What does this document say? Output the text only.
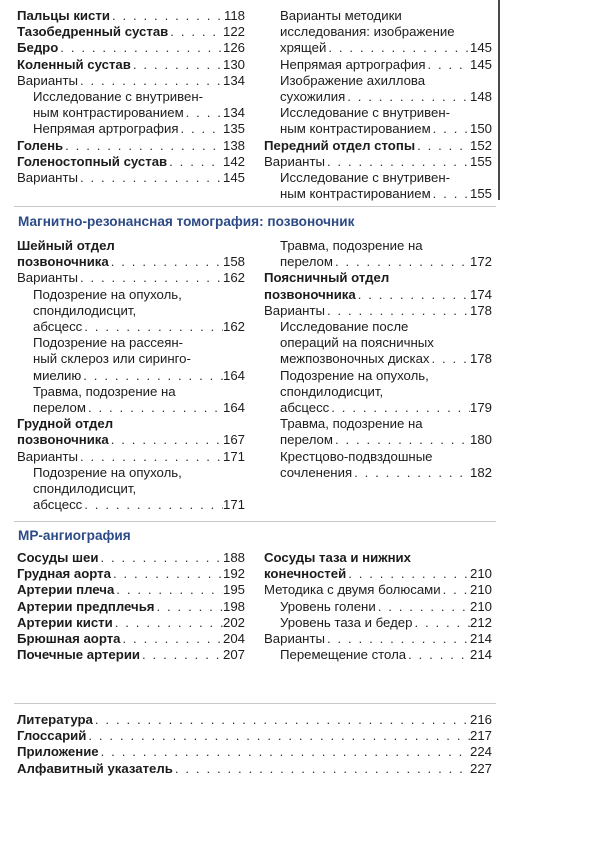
Пальцы кисти . . .	118
Тазобедренный сустав . . .	122
Бедро . . .	126
Коленный сустав . . .	130
Варианты . . .	134
Исследование с внутривен-
ным контрастированием . . .	134
Непрямая артрография . . .	135
Голень . . .	138
Голеностопный сустав . . .	142
Варианты . . .	145
Варианты методики
исследования: изображение
хрящей . . .	145
Непрямая артрография . . .	145
Изображение ахиллова
сухожилия . . .	148
Исследование с внутривен-
ным контрастированием . . .	150
Передний отдел стопы . . .	152
Варианты . . .	155
Исследование с внутривен-
ным контрастированием . . .	155
Магнитно-резонансная томография: позвоночник
Шейный отдел
позвоночника . . .	158
Варианты . . .	162
Подозрение на опухоль,
спондилодисцит,
абсцесс . . .	162
Подозрение на рассеян-
ный склероз или сиринго-
миелию . . .	164
Травма, подозрение на
перелом . . .	164
Грудной отдел
позвоночника . . .	167
Варианты . . .	171
Подозрение на опухоль,
спондилодисцит,
абсцесс . . .	171
Травма, подозрение на
перелом . . .	172
Поясничный отдел
позвоночника . . .	174
Варианты . . .	178
Исследование после
операций на поясничных
межпозвоночных дисках . . .	178
Подозрение на опухоль,
спондилодисцит,
абсцесс . . .	179
Травма, подозрение на
перелом . . .	180
Крестцово-подвздошные
сочленения . . .	182
МР-ангиография
Сосуды шеи . . .	188
Грудная аорта . . .	192
Артерии плеча . . .	195
Артерии предплечья . . .	198
Артерии кисти . . .	202
Брюшная аорта . . .	204
Почечные артерии . . .	207
Сосуды таза и нижних
конечностей . . .	210
Методика с двумя болюсами . . . 210
Уровень голени . . .	210
Уровень таза и бедер . . .	212
Варианты . . .	214
Перемещение стола . . .	214
Литература . . .	216
Глоссарий . . .	217
Приложение . . .	224
Алфавитный указатель . . .	227
